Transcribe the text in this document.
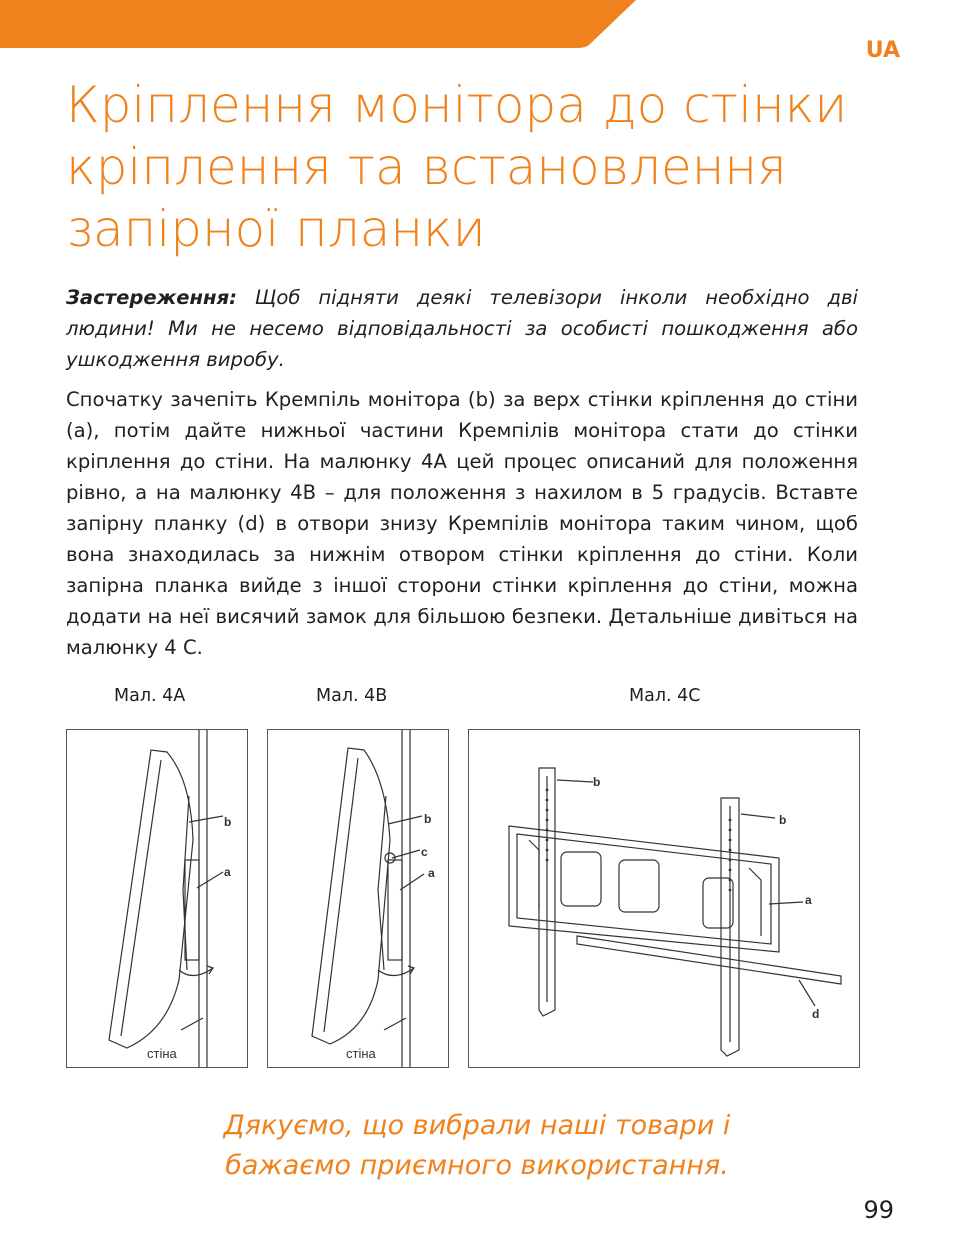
UA
Кріплення монітора до стінки
кріплення та встановлення
запірної планки

Застереження: Щоб підняти деякі телевізори інколи необхідно дві людини! Ми не несемо відповідальності за особисті пошкодження або ушкодження виробу.

Спочатку зачепіть Кремпіль монітора (b) за верх стінки кріплення до стіни (а), потім дайте нижньої частини Кремпілів монітора стати до стінки кріплення до стіни. На малюнку 4A цей процес описаний для положення рівно, а на малюнку 4B – для положення з нахилом в 5 градусів. Вставте запірну планку (d) в отвори знизу Кремпілів монітора таким чином, щоб вона знаходилась за нижнім отвором стінки кріплення до стіни. Коли запірна планка вийде з іншої сторони стінки кріплення до стіни, можна додати на неї висячий замок для більшою безпеки. Детальніше дивіться на малюнку 4 C.

Мал. 4A	Мал. 4B	Мал. 4C
b
a
стіна
b
c
a
стіна
b
b
a
d

Дякуємо, що вибрали наші товари і
бажаємо приємного використання.

99
